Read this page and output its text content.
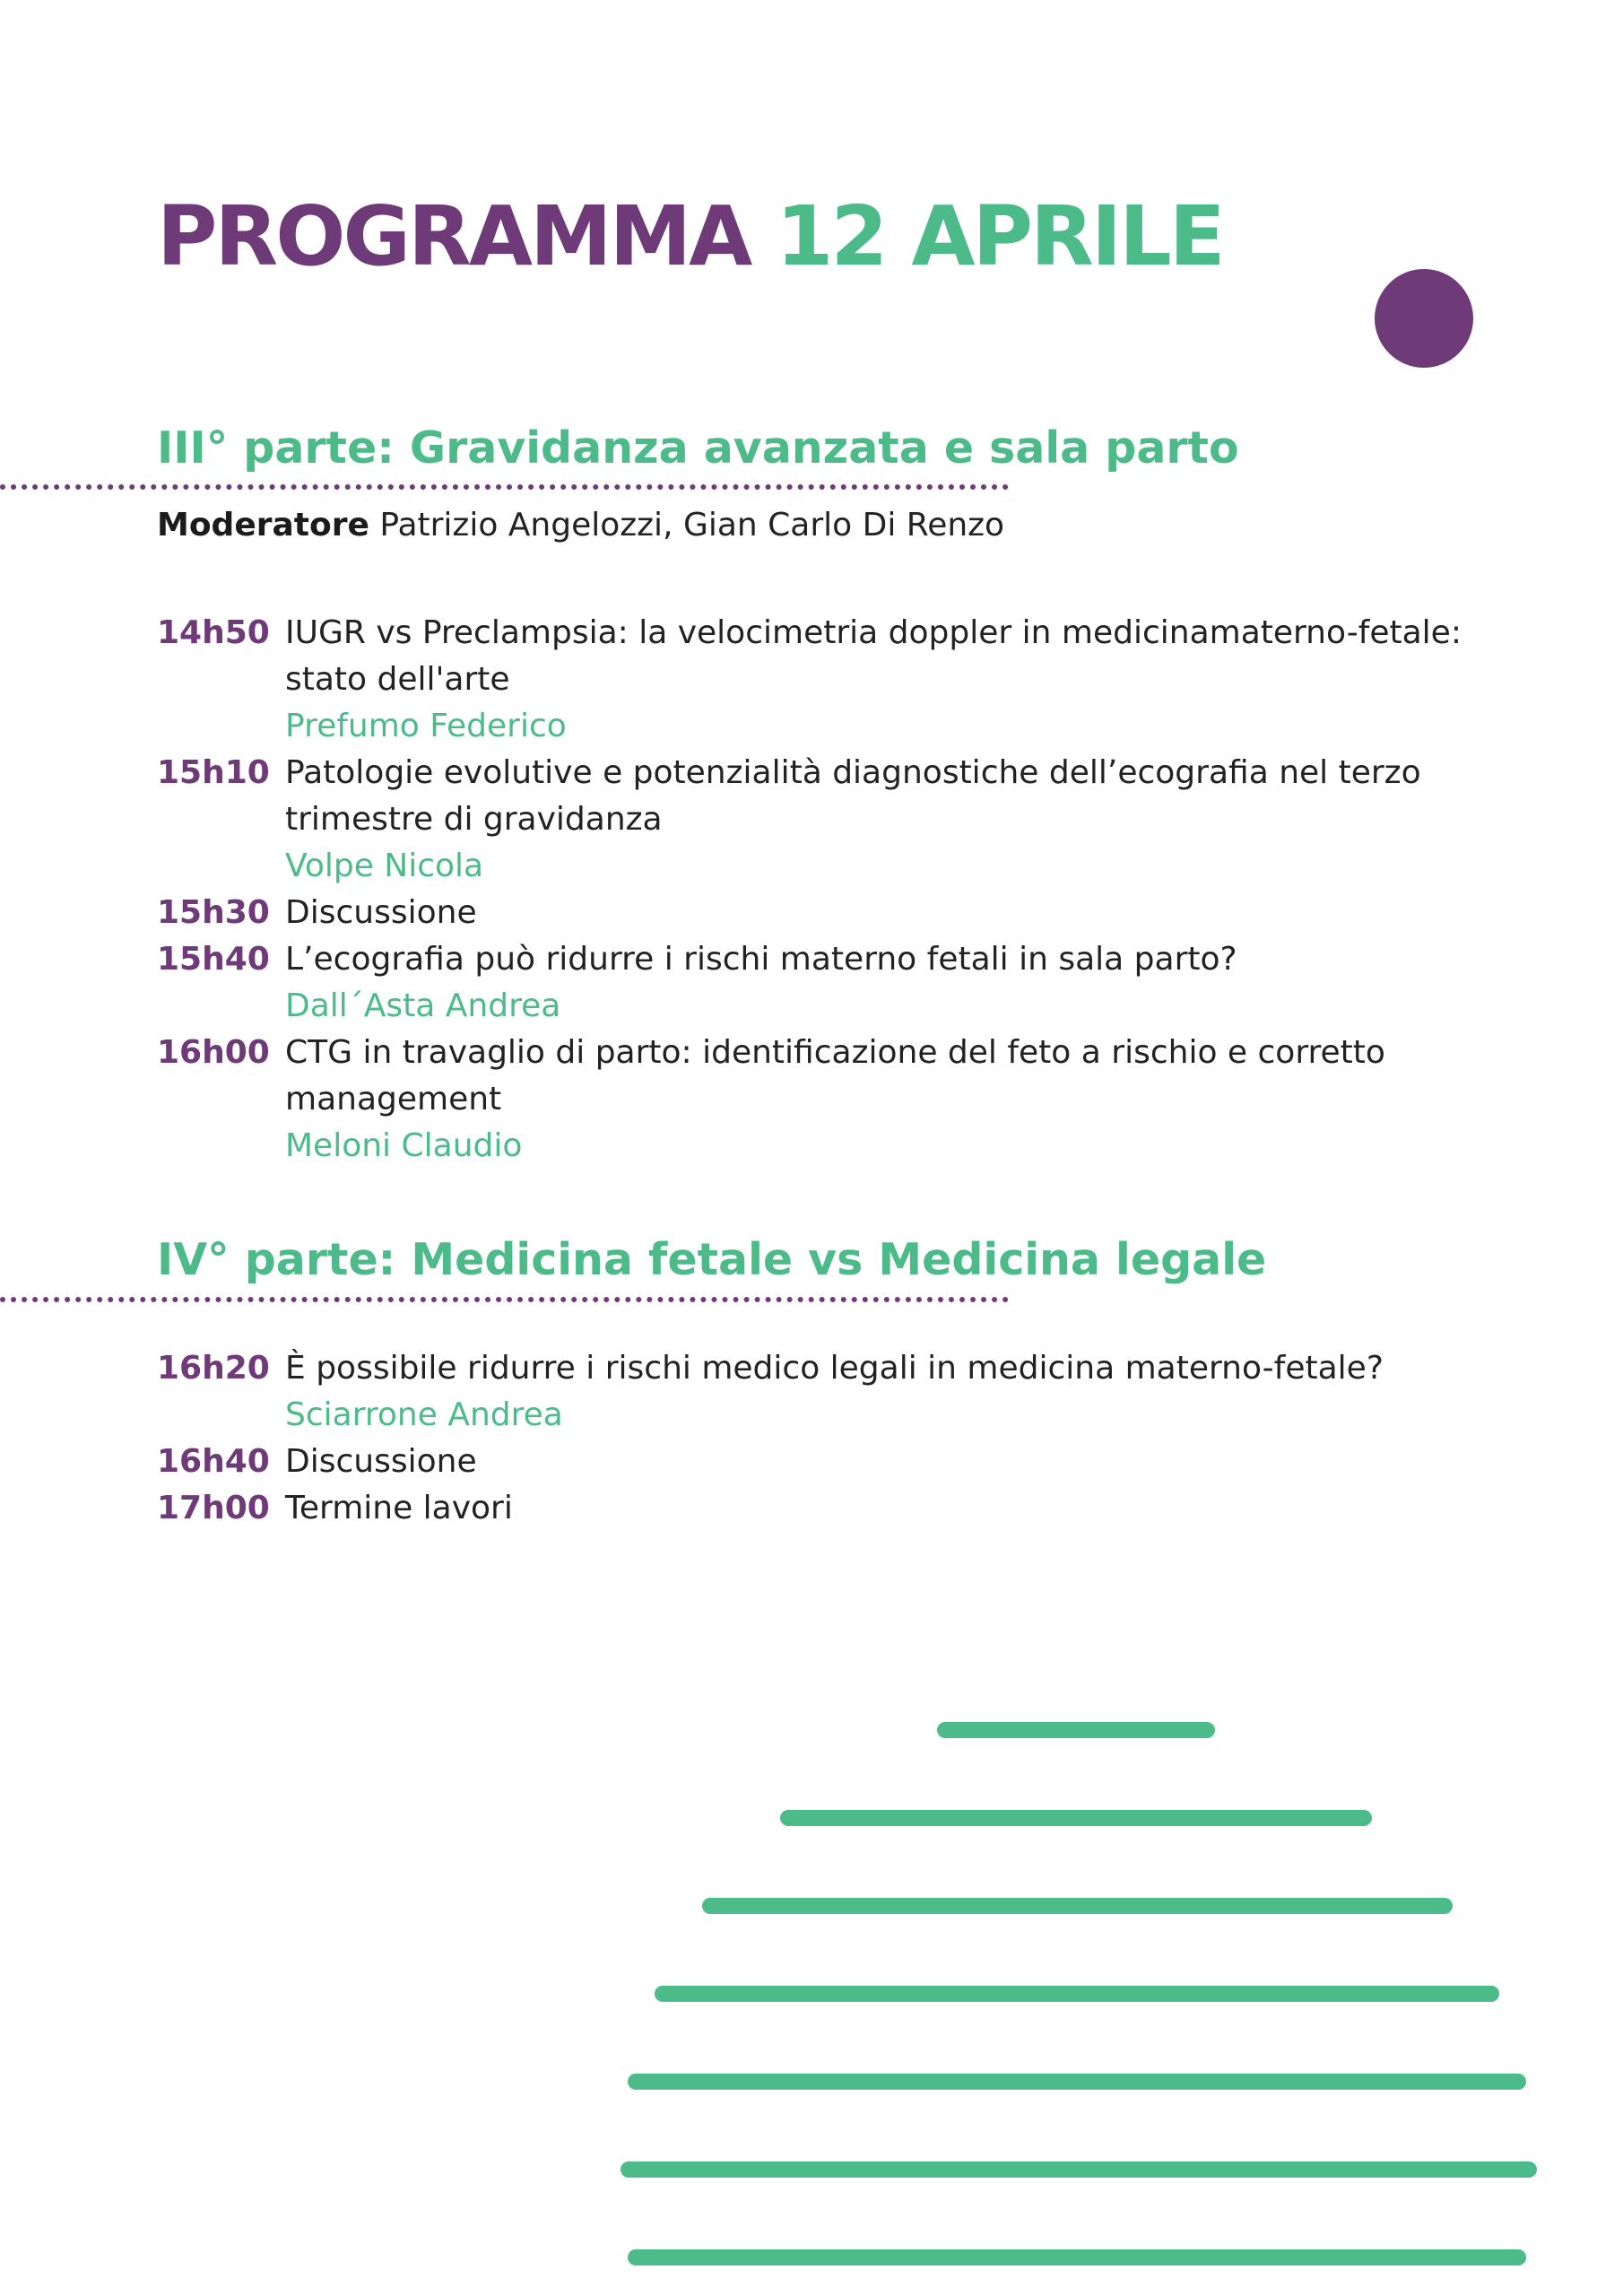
PROGRAMMA 12 APRILE
III° parte: Gravidanza avanzata e sala parto
Moderatore Patrizio Angelozzi, Gian Carlo Di Renzo
14h50 IUGR vs Preclampsia: la velocimetria doppler in medicinamaterno-fetale:
stato dell'arte
Prefumo Federico
15h10 Patologie evolutive e potenzialità diagnostiche dell’ecografia nel terzo
trimestre di gravidanza
Volpe Nicola
15h30 Discussione
15h40 L’ecografia può ridurre i rischi materno fetali in sala parto?
Dall´Asta Andrea
16h00 CTG in travaglio di parto: identificazione del feto a rischio e corretto
management
Meloni Claudio
IV° parte: Medicina fetale vs Medicina legale
16h20 È possibile ridurre i rischi medico legali in medicina materno-fetale?
Sciarrone Andrea
16h40 Discussione
17h00 Termine lavori
